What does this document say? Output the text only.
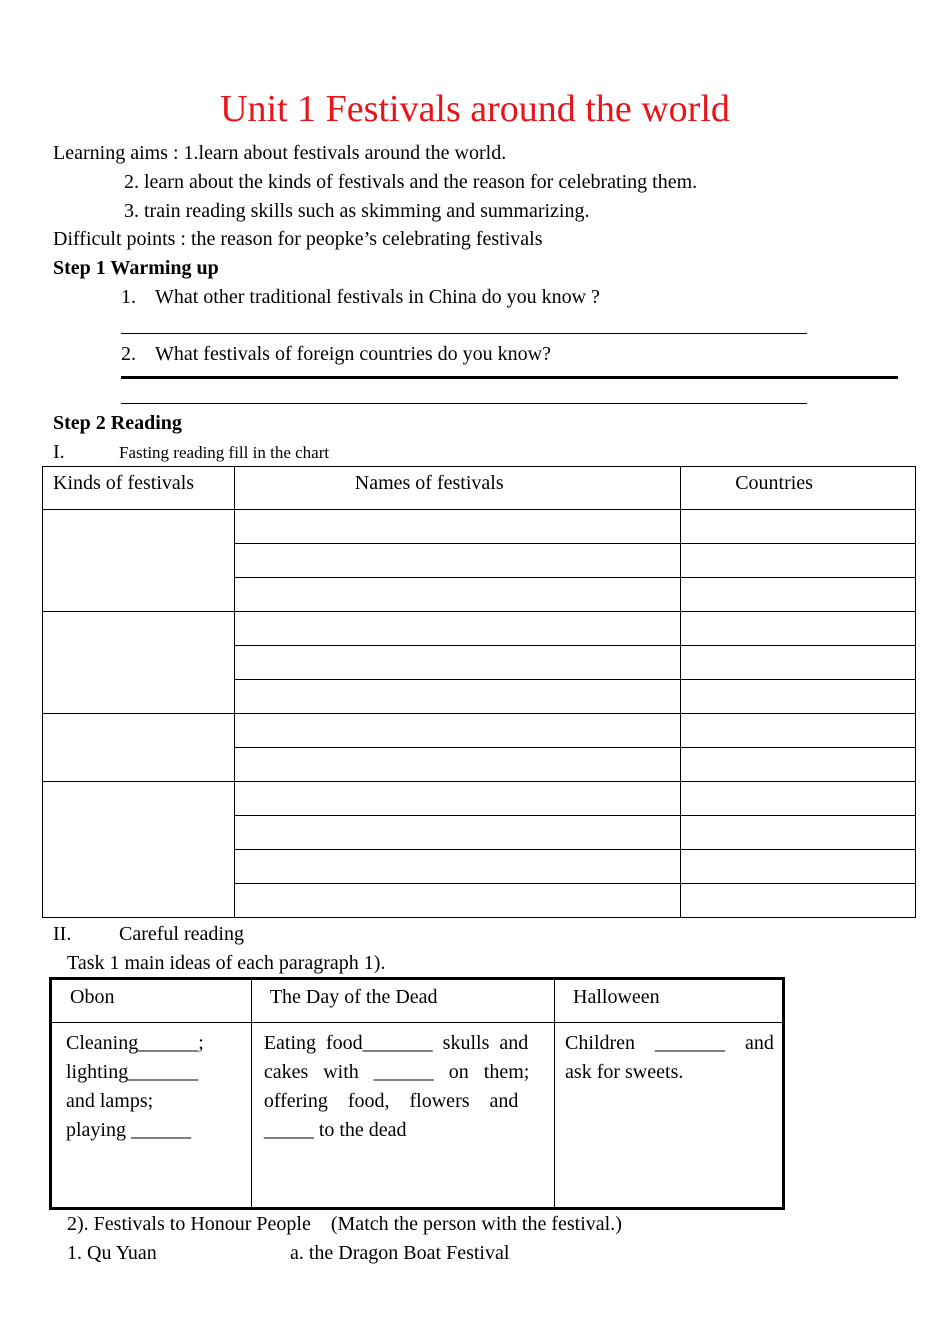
Unit 1 Festivals around the world
Learning aims : 1.learn about festivals around the world.
2. learn about the kinds of festivals and the reason for celebrating them.
3. train reading skills such as skimming and summarizing.
Difficult points : the reason for peopke’s celebrating festivals
Step 1 Warming up
1. What other traditional festivals in China do you know ?
2. What festivals of foreign countries do you know?
Step 2 Reading
I.	Fasting reading fill in the chart
Kinds of festivals	Names of festivals	Countries

II. Careful reading
Task 1 main ideas of each paragraph 1).
Obon	The Day of the Dead	Halloween

Cleaning______;
lighting_______
and lamps;
playing ______	Eating  food_______  skulls  and
cakes   with   ______   on   them;
offering    food,    flowers    and
_____ to the dead	Children    _______    and
ask for sweets.
2). Festivals to Honour People    (Match the person with the festival.)
1. Qu Yuan	a. the Dragon Boat Festival
